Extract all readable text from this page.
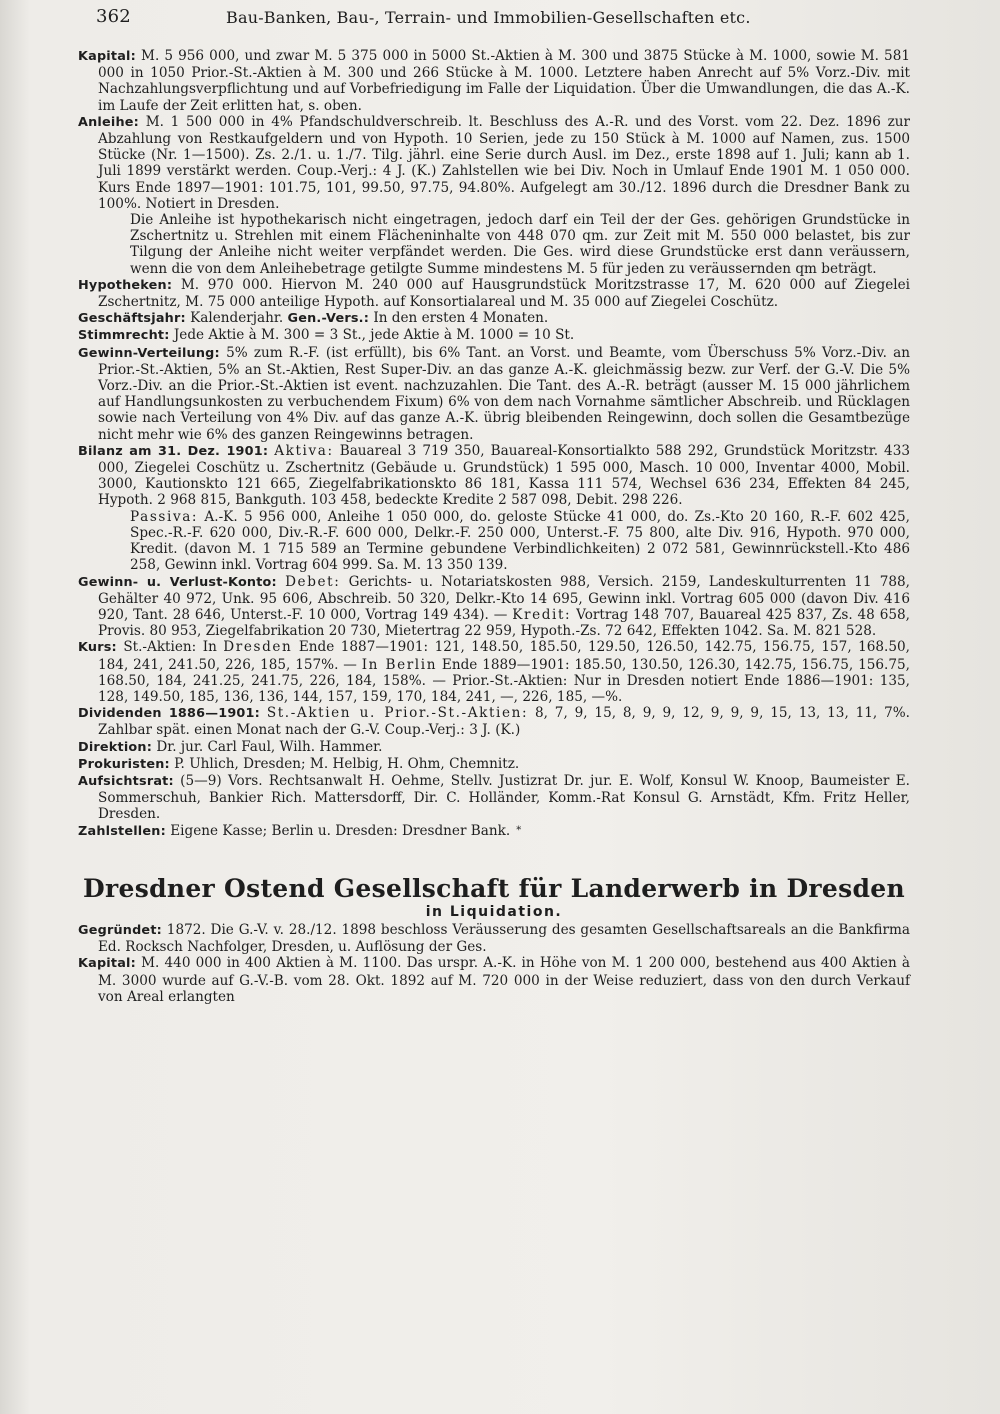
362	Bau-Banken, Bau-, Terrain- und Immobilien-Gesellschaften etc.

Kapital: M. 5 956 000, und zwar M. 5 375 000 in 5000 St.-Aktien à M. 300 und 3875 Stücke à M. 1000, sowie M. 581 000 in 1050 Prior.-St.-Aktien à M. 300 und 266 Stücke à M. 1000. Letztere haben Anrecht auf 5% Vorz.-Div. mit Nachzahlungsverpflichtung und auf Vorbefriedigung im Falle der Liquidation. Über die Umwandlungen, die das A.-K. im Laufe der Zeit erlitten hat, s. oben.

Anleihe: M. 1 500 000 in 4% Pfandschuldverschreib. lt. Beschluss des A.-R. und des Vorst. vom 22. Dez. 1896 zur Abzahlung von Restkaufgeldern und von Hypoth. 10 Serien, jede zu 150 Stück à M. 1000 auf Namen, zus. 1500 Stücke (Nr. 1—1500). Zs. 2./1. u. 1./7. Tilg. jährl. eine Serie durch Ausl. im Dez., erste 1898 auf 1. Juli; kann ab 1. Juli 1899 verstärkt werden. Coup.-Verj.: 4 J. (K.) Zahlstellen wie bei Div. Noch in Umlauf Ende 1901 M. 1 050 000. Kurs Ende 1897—1901: 101.75, 101, 99.50, 97.75, 94.80%. Aufgelegt am 30./12. 1896 durch die Dresdner Bank zu 100%. Notiert in Dresden.

Die Anleihe ist hypothekarisch nicht eingetragen, jedoch darf ein Teil der der Ges. gehörigen Grundstücke in Zschertnitz u. Strehlen mit einem Flächeninhalte von 448 070 qm. zur Zeit mit M. 550 000 belastet, bis zur Tilgung der Anleihe nicht weiter verpfändet werden. Die Ges. wird diese Grundstücke erst dann veräussern, wenn die von dem Anleihebetrage getilgte Summe mindestens M. 5 für jeden zu veräussernden qm beträgt.

Hypotheken: M. 970 000. Hiervon M. 240 000 auf Hausgrundstück Moritzstrasse 17, M. 620 000 auf Ziegelei Zschertnitz, M. 75 000 anteilige Hypoth. auf Konsortialareal und M. 35 000 auf Ziegelei Coschütz.

Geschäftsjahr: Kalenderjahr. Gen.-Vers.: In den ersten 4 Monaten.

Stimmrecht: Jede Aktie à M. 300 = 3 St., jede Aktie à M. 1000 = 10 St.

Gewinn-Verteilung: 5% zum R.-F. (ist erfüllt), bis 6% Tant. an Vorst. und Beamte, vom Überschuss 5% Vorz.-Div. an Prior.-St.-Aktien, 5% an St.-Aktien, Rest Super-Div. an das ganze A.-K. gleichmässig bezw. zur Verf. der G.-V. Die 5% Vorz.-Div. an die Prior.-St.-Aktien ist event. nachzuzahlen. Die Tant. des A.-R. beträgt (ausser M. 15 000 jährlichem auf Handlungsunkosten zu verbuchendem Fixum) 6% von dem nach Vornahme sämtlicher Abschreib. und Rücklagen sowie nach Verteilung von 4% Div. auf das ganze A.-K. übrig bleibenden Reingewinn, doch sollen die Gesamtbezüge nicht mehr wie 6% des ganzen Reingewinns betragen.

Bilanz am 31. Dez. 1901: Aktiva: Bauareal 3 719 350, Bauareal-Konsortialkto 588 292, Grundstück Moritzstr. 433 000, Ziegelei Coschütz u. Zschertnitz (Gebäude u. Grundstück) 1 595 000, Masch. 10 000, Inventar 4000, Mobil. 3000, Kautionskto 121 665, Ziegelfabrikationskto 86 181, Kassa 111 574, Wechsel 636 234, Effekten 84 245, Hypoth. 2 968 815, Bankguth. 103 458, bedeckte Kredite 2 587 098, Debit. 298 226.

Passiva: A.-K. 5 956 000, Anleihe 1 050 000, do. geloste Stücke 41 000, do. Zs.-Kto 20 160, R.-F. 602 425, Spec.-R.-F. 620 000, Div.-R.-F. 600 000, Delkr.-F. 250 000, Unterst.-F. 75 800, alte Div. 916, Hypoth. 970 000, Kredit. (davon M. 1 715 589 an Termine gebundene Verbindlichkeiten) 2 072 581, Gewinnrückstell.-Kto 486 258, Gewinn inkl. Vortrag 604 999. Sa. M. 13 350 139.

Gewinn- u. Verlust-Konto: Debet: Gerichts- u. Notariatskosten 988, Versich. 2159, Landeskulturrenten 11 788, Gehälter 40 972, Unk. 95 606, Abschreib. 50 320, Delkr.-Kto 14 695, Gewinn inkl. Vortrag 605 000 (davon Div. 416 920, Tant. 28 646, Unterst.-F. 10 000, Vortrag 149 434). — Kredit: Vortrag 148 707, Bauareal 425 837, Zs. 48 658, Provis. 80 953, Ziegelfabrikation 20 730, Mietertrag 22 959, Hypoth.-Zs. 72 642, Effekten 1042. Sa. M. 821 528.

Kurs: St.-Aktien: In Dresden Ende 1887—1901: 121, 148.50, 185.50, 129.50, 126.50, 142.75, 156.75, 157, 168.50, 184, 241, 241.50, 226, 185, 157%. — In Berlin Ende 1889—1901: 185.50, 130.50, 126.30, 142.75, 156.75, 156.75, 168.50, 184, 241.25, 241.75, 226, 184, 158%. — Prior.-St.-Aktien: Nur in Dresden notiert Ende 1886—1901: 135, 128, 149.50, 185, 136, 136, 144, 157, 159, 170, 184, 241, —, 226, 185, —%.

Dividenden 1886—1901: St.-Aktien u. Prior.-St.-Aktien: 8, 7, 9, 15, 8, 9, 9, 12, 9, 9, 9, 15, 13, 13, 11, 7%. Zahlbar spät. einen Monat nach der G.-V. Coup.-Verj.: 3 J. (K.)

Direktion: Dr. jur. Carl Faul, Wilh. Hammer.

Prokuristen: P. Uhlich, Dresden; M. Helbig, H. Ohm, Chemnitz.

Aufsichtsrat: (5—9) Vors. Rechtsanwalt H. Oehme, Stellv. Justizrat Dr. jur. E. Wolf, Konsul W. Knoop, Baumeister E. Sommerschuh, Bankier Rich. Mattersdorff, Dir. C. Holländer, Komm.-Rat Konsul G. Arnstädt, Kfm. Fritz Heller, Dresden.

Zahlstellen: Eigene Kasse; Berlin u. Dresden: Dresdner Bank. *

Dresdner Ostend Gesellschaft für Landerwerb in Dresden
in Liquidation.

Gegründet: 1872. Die G.-V. v. 28./12. 1898 beschloss Veräusserung des gesamten Gesellschaftsareals an die Bankfirma Ed. Rocksch Nachfolger, Dresden, u. Auflösung der Ges.

Kapital: M. 440 000 in 400 Aktien à M. 1100. Das urspr. A.-K. in Höhe von M. 1 200 000, bestehend aus 400 Aktien à M. 3000 wurde auf G.-V.-B. vom 28. Okt. 1892 auf M. 720 000 in der Weise reduziert, dass von den durch Verkauf von Areal erlangten
